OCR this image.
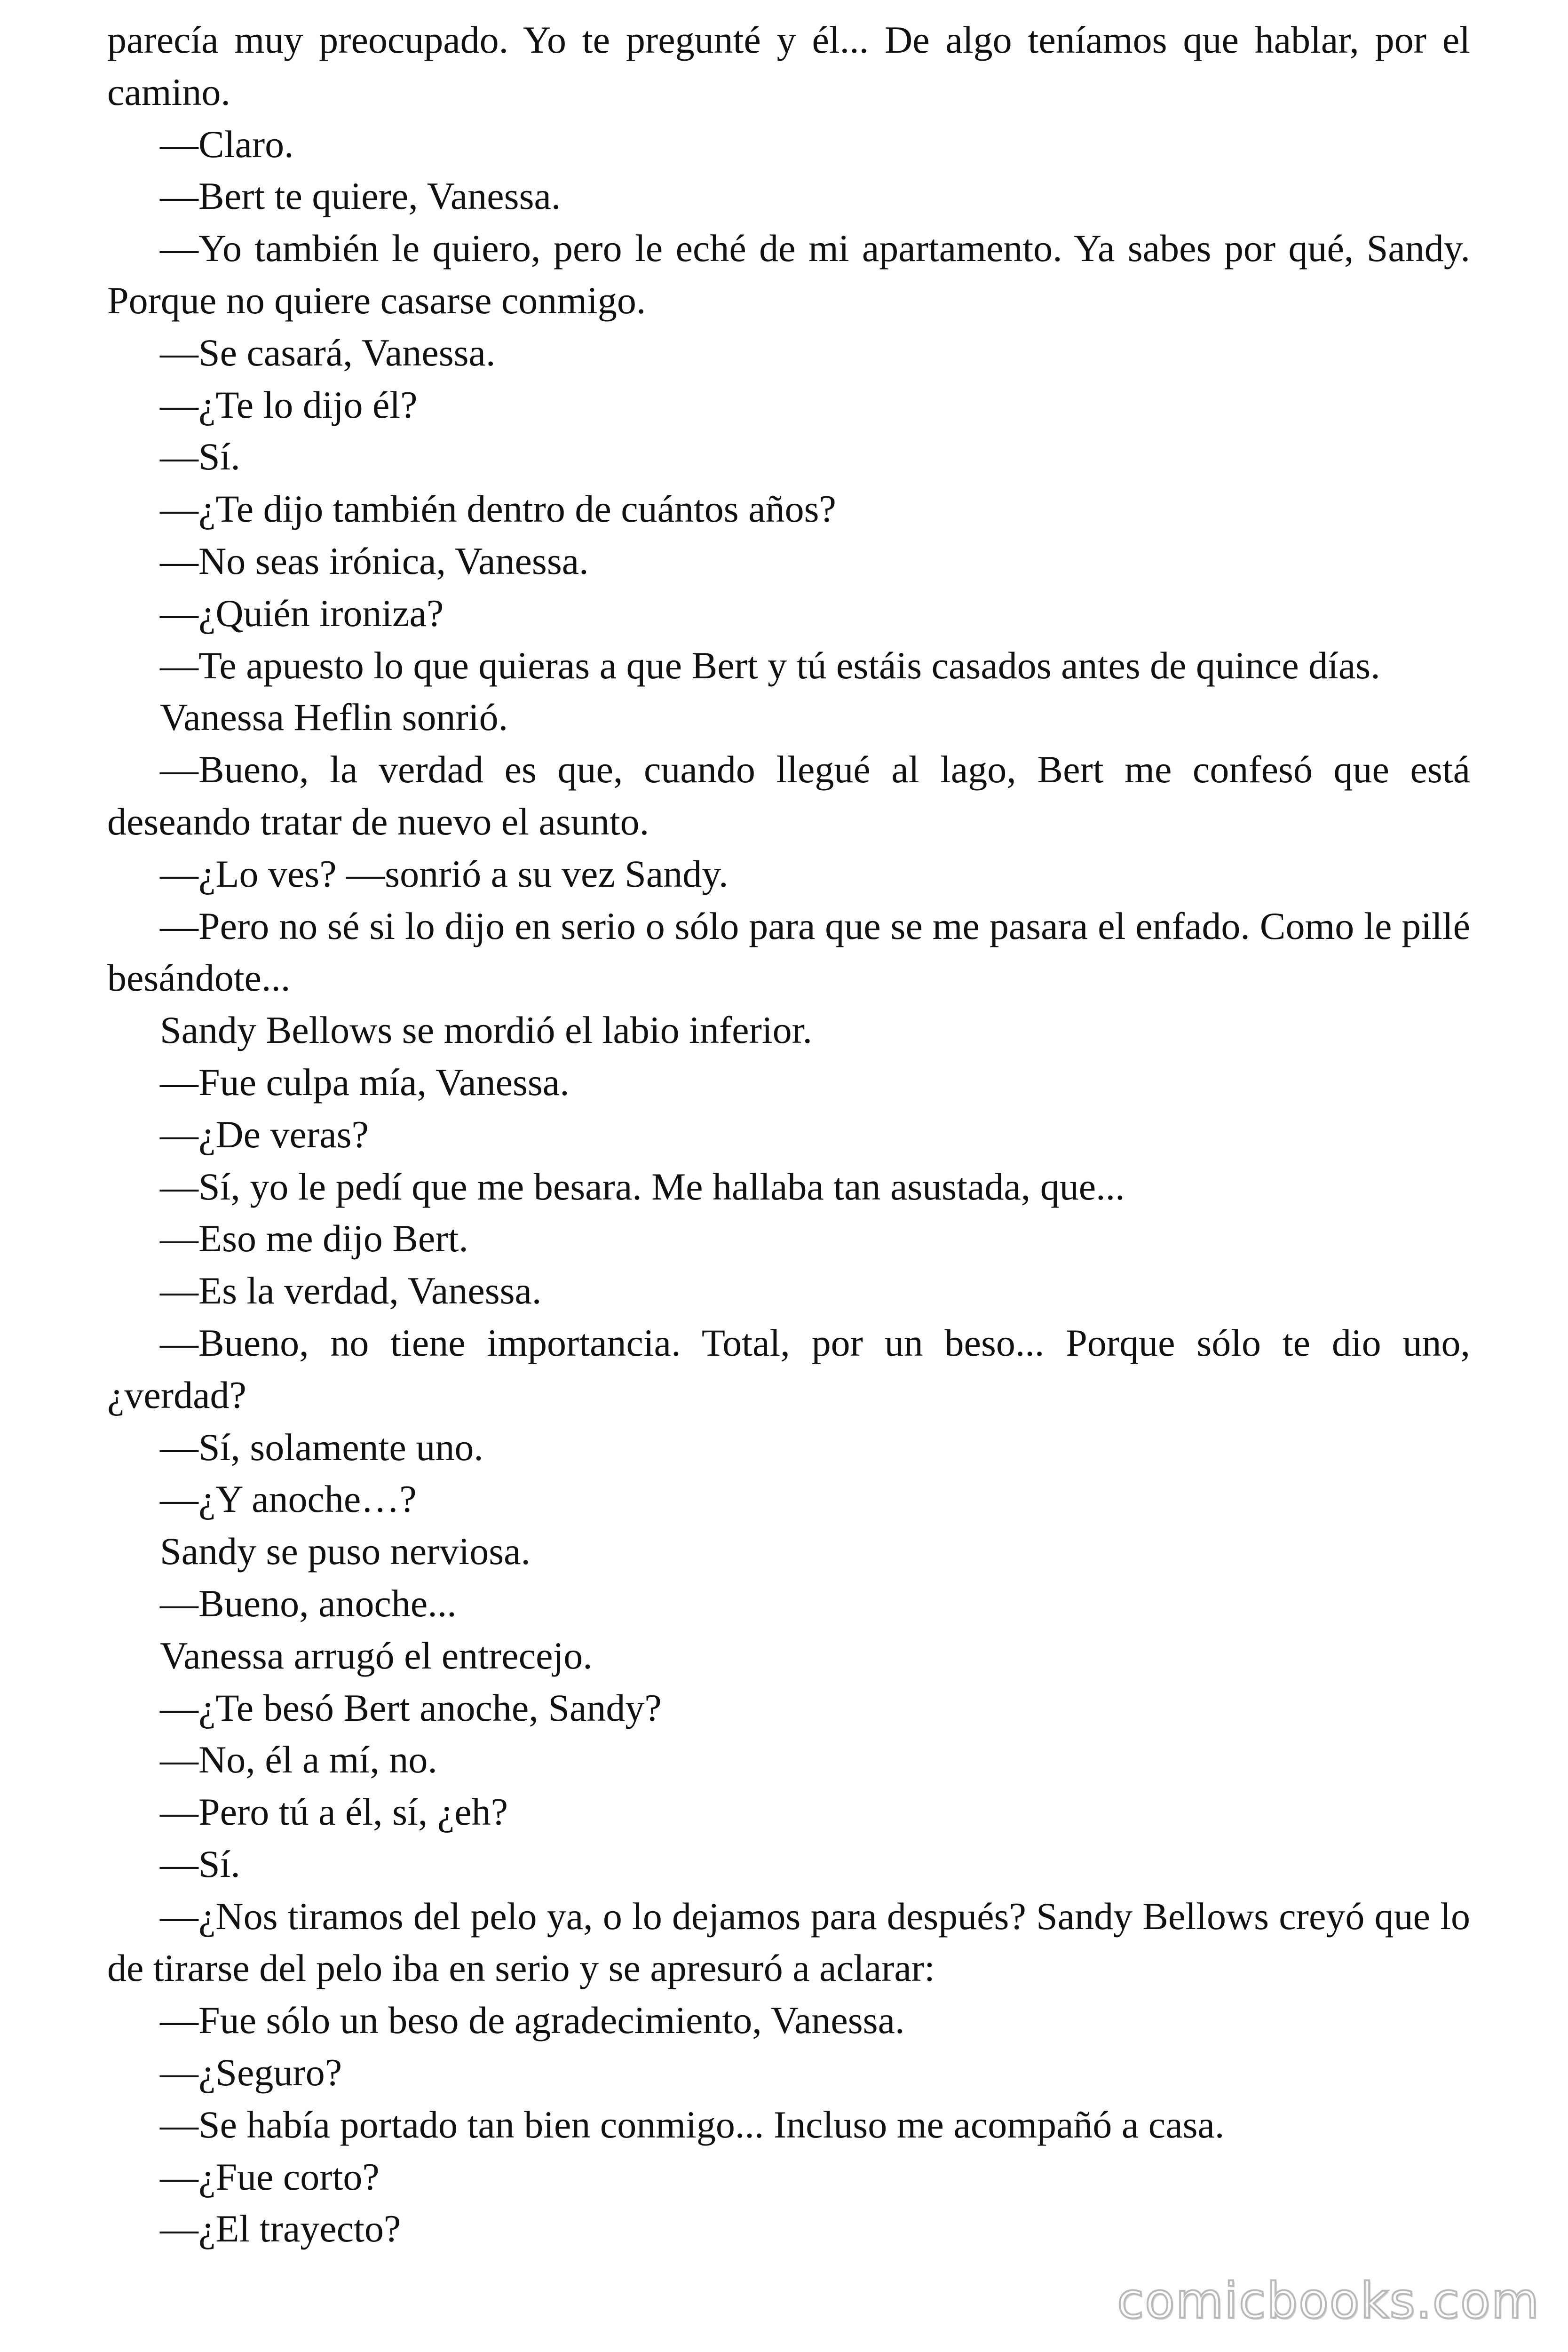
parecía muy preocupado. Yo te pregunté y él... De algo teníamos que hablar, por el camino.

—Claro.

—Bert te quiere, Vanessa.

—Yo también le quiero, pero le eché de mi apartamento. Ya sabes por qué, Sandy. Porque no quiere casarse conmigo.

—Se casará, Vanessa.

—¿Te lo dijo él?

—Sí.

—¿Te dijo también dentro de cuántos años?

—No seas irónica, Vanessa.

—¿Quién ironiza?

—Te apuesto lo que quieras a que Bert y tú estáis casados antes de quince días.

Vanessa Heflin sonrió.

—Bueno, la verdad es que, cuando llegué al lago, Bert me confesó que está deseando tratar de nuevo el asunto.

—¿Lo ves? —sonrió a su vez Sandy.

—Pero no sé si lo dijo en serio o sólo para que se me pasara el enfado. Como le pillé besándote...

Sandy Bellows se mordió el labio inferior.

—Fue culpa mía, Vanessa.

—¿De veras?

—Sí, yo le pedí que me besara. Me hallaba tan asustada, que...

—Eso me dijo Bert.

—Es la verdad, Vanessa.

—Bueno, no tiene importancia. Total, por un beso... Porque sólo te dio uno, ¿verdad?

—Sí, solamente uno.

—¿Y anoche…?

Sandy se puso nerviosa.

—Bueno, anoche...

Vanessa arrugó el entrecejo.

—¿Te besó Bert anoche, Sandy?

—No, él a mí, no.

—Pero tú a él, sí, ¿eh?

—Sí.

—¿Nos tiramos del pelo ya, o lo dejamos para después? Sandy Bellows creyó que lo de tirarse del pelo iba en serio y se apresuró a aclarar:

—Fue sólo un beso de agradecimiento, Vanessa.

—¿Seguro?

—Se había portado tan bien conmigo... Incluso me acompañó a casa.

—¿Fue corto?

—¿El trayecto?

comicbooks.com
